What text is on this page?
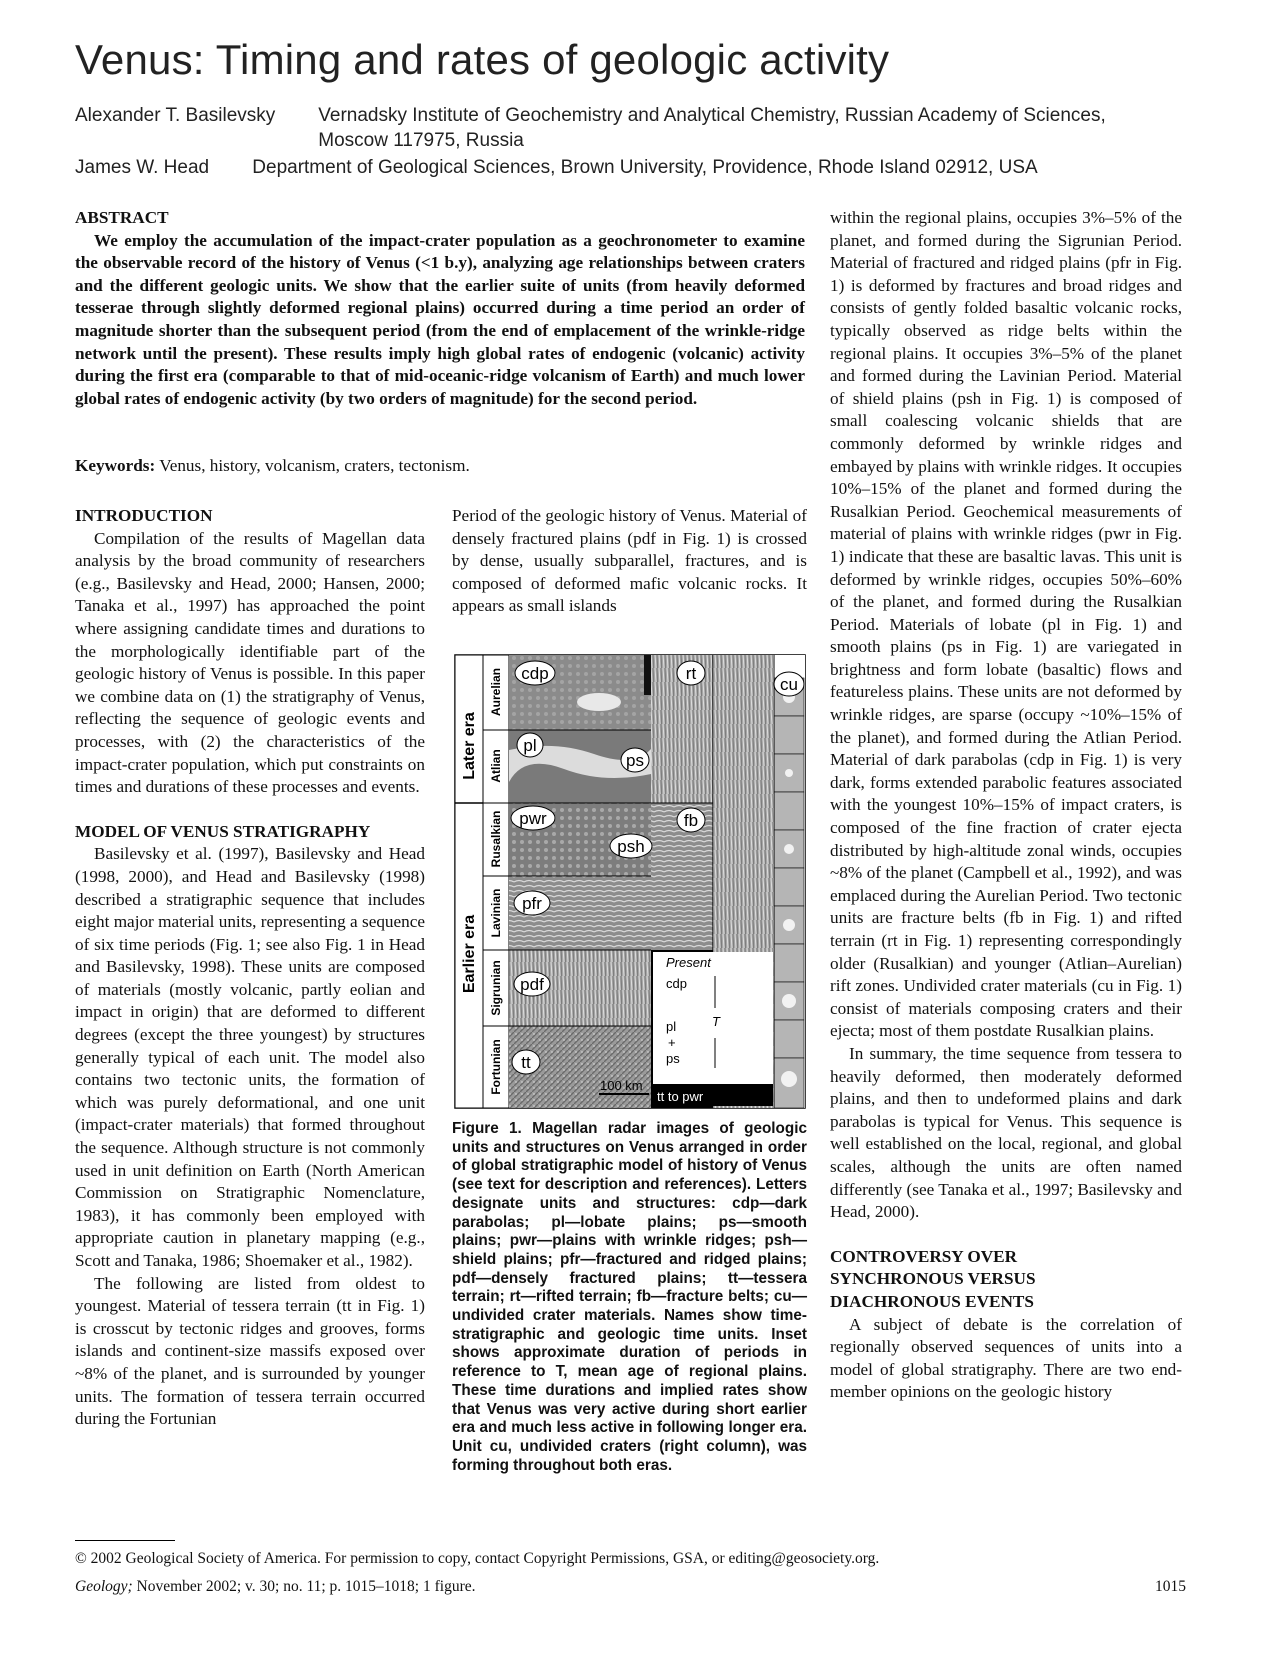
Venus: Timing and rates of geologic activity
Alexander T. Basilevsky Vernadsky Institute of Geochemistry and Analytical Chemistry, Russian Academy of Sciences,
Moscow 117975, Russia
James W. Head Department of Geological Sciences, Brown University, Providence, Rhode Island 02912, USA
ABSTRACT

We employ the accumulation of the impact-crater population as a geochronometer to examine the observable record of the history of Venus (<1 b.y), analyzing age relationships between craters and the different geologic units. We show that the earlier suite of units (from heavily deformed tesserae through slightly deformed regional plains) occurred during a time period an order of magnitude shorter than the subsequent period (from the end of emplacement of the wrinkle-ridge network until the present). These results imply high global rates of endogenic (volcanic) activity during the first era (comparable to that of mid-oceanic-ridge volcanism of Earth) and much lower global rates of endogenic activity (by two orders of magnitude) for the second period.

Keywords: Venus, history, volcanism, craters, tectonism.
INTRODUCTION

Compilation of the results of Magellan data analysis by the broad community of researchers (e.g., Basilevsky and Head, 2000; Hansen, 2000; Tanaka et al., 1997) has approached the point where assigning candidate times and durations to the morphologically identifiable part of the geologic history of Venus is possible. In this paper we combine data on (1) the stratigraphy of Venus, reflecting the sequence of geologic events and processes, with (2) the characteristics of the impact-crater population, which put constraints on times and durations of these processes and events.

MODEL OF VENUS STRATIGRAPHY

Basilevsky et al. (1997), Basilevsky and Head (1998, 2000), and Head and Basilevsky (1998) described a stratigraphic sequence that includes eight major material units, representing a sequence of six time periods (Fig. 1; see also Fig. 1 in Head and Basilevsky, 1998). These units are composed of materials (mostly volcanic, partly eolian and impact in origin) that are deformed to different degrees (except the three youngest) by structures generally typical of each unit. The model also contains two tectonic units, the formation of which was purely deformational, and one unit (impact-crater materials) that formed throughout the sequence. Although structure is not commonly used in unit definition on Earth (North American Commission on Stratigraphic Nomenclature, 1983), it has commonly been employed with appropriate caution in planetary mapping (e.g., Scott and Tanaka, 1986; Shoemaker et al., 1982).

The following are listed from oldest to youngest. Material of tessera terrain (tt in Fig. 1) is crosscut by tectonic ridges and grooves, forms islands and continent-size massifs exposed over ~8% of the planet, and is surrounded by younger units. The formation of tessera terrain occurred during the Fortunian

Period of the geologic history of Venus. Material of densely fractured plains (pdf in Fig. 1) is crossed by dense, usually subparallel, fractures, and is composed of deformed mafic volcanic rocks. It appears as small islands

Later era
Earlier era
Aurelian
Atlian
Rusalkian
Lavinian
Sigrunian
Fortunian
cdp
pl
ps
pwr
psh
pfr
pdf
tt
rt
fb
cu
Present
cdp
pl
+
ps
T
tt to pwr
100 km
Figure 1. Magellan radar images of geologic units and structures on Venus arranged in order of global stratigraphic model of history of Venus (see text for description and references). Letters designate units and structures: cdp—dark parabolas; pl—lobate plains; ps—smooth plains; pwr—plains with wrinkle ridges; psh—shield plains; pfr—fractured and ridged plains; pdf—densely fractured plains; tt—tessera terrain; rt—rifted terrain; fb—fracture belts; cu—undivided crater materials. Names show time-stratigraphic and geologic time units. Inset shows approximate duration of periods in reference to T, mean age of regional plains. These time durations and implied rates show that Venus was very active during short earlier era and much less active in following longer era. Unit cu, undivided craters (right column), was forming throughout both eras.

within the regional plains, occupies 3%–5% of the planet, and formed during the Sigrunian Period. Material of fractured and ridged plains (pfr in Fig. 1) is deformed by fractures and broad ridges and consists of gently folded basaltic volcanic rocks, typically observed as ridge belts within the regional plains. It occupies 3%–5% of the planet and formed during the Lavinian Period. Material of shield plains (psh in Fig. 1) is composed of small coalescing volcanic shields that are commonly deformed by wrinkle ridges and embayed by plains with wrinkle ridges. It occupies 10%–15% of the planet and formed during the Rusalkian Period. Geochemical measurements of material of plains with wrinkle ridges (pwr in Fig. 1) indicate that these are basaltic lavas. This unit is deformed by wrinkle ridges, occupies 50%–60% of the planet, and formed during the Rusalkian Period. Materials of lobate (pl in Fig. 1) and smooth plains (ps in Fig. 1) are variegated in brightness and form lobate (basaltic) flows and featureless plains. These units are not deformed by wrinkle ridges, are sparse (occupy ~10%–15% of the planet), and formed during the Atlian Period. Material of dark parabolas (cdp in Fig. 1) is very dark, forms extended parabolic features associated with the youngest 10%–15% of impact craters, is composed of the fine fraction of crater ejecta distributed by high-altitude zonal winds, occupies ~8% of the planet (Campbell et al., 1992), and was emplaced during the Aurelian Period. Two tectonic units are fracture belts (fb in Fig. 1) and rifted terrain (rt in Fig. 1) representing correspondingly older (Rusalkian) and younger (Atlian–Aurelian) rift zones. Undivided crater materials (cu in Fig. 1) consist of materials composing craters and their ejecta; most of them postdate Rusalkian plains.

In summary, the time sequence from tessera to heavily deformed, then moderately deformed plains, and then to undeformed plains and dark parabolas is typical for Venus. This sequence is well established on the local, regional, and global scales, although the units are often named differently (see Tanaka et al., 1997; Basilevsky and Head, 2000).

CONTROVERSY OVER
SYNCHRONOUS VERSUS
DIACHRONOUS EVENTS

A subject of debate is the correlation of regionally observed sequences of units into a model of global stratigraphy. There are two end-member opinions on the geologic history

© 2002 Geological Society of America. For permission to copy, contact Copyright Permissions, GSA, or editing@geosociety.org.
Geology; November 2002; v. 30; no. 11; p. 1015–1018; 1 figure.	1015
